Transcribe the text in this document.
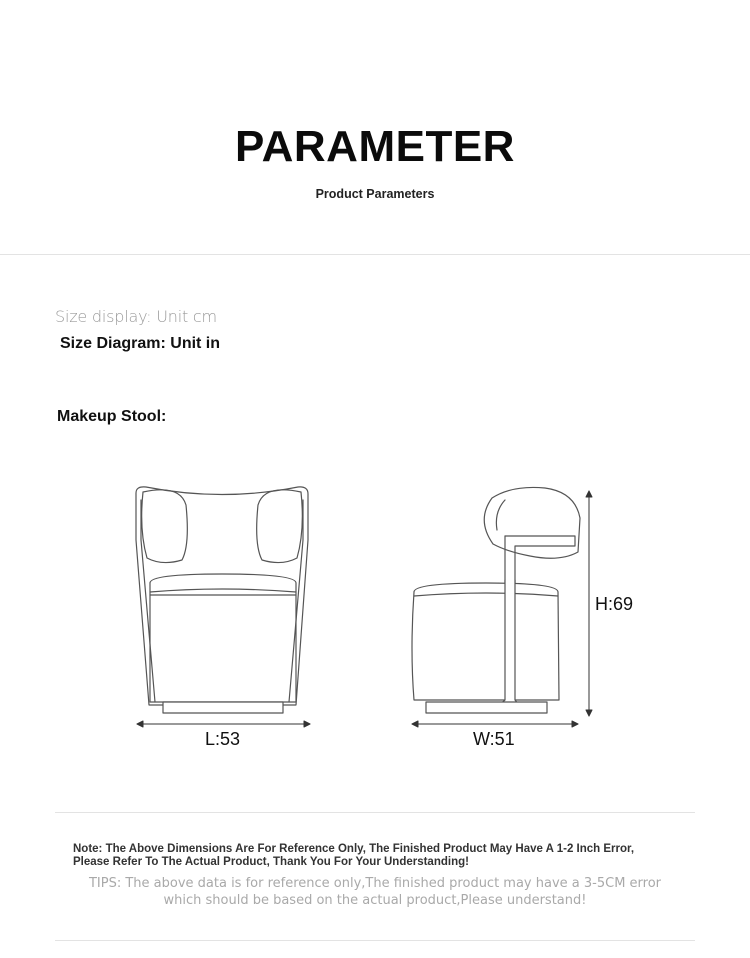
PARAMETER
Product Parameters
Size display: Unit cm
Size Diagram: Unit in
Makeup Stool:
L:53	W:51
H:69
Note: The Above Dimensions Are For Reference Only, The Finished Product May Have A 1-2 Inch Error, Please Refer To The Actual Product, Thank You For Your Understanding!
TIPS: The above data is for reference only,The finished product may have a 3-5CM error
which should be based on the actual product,Please understand!
